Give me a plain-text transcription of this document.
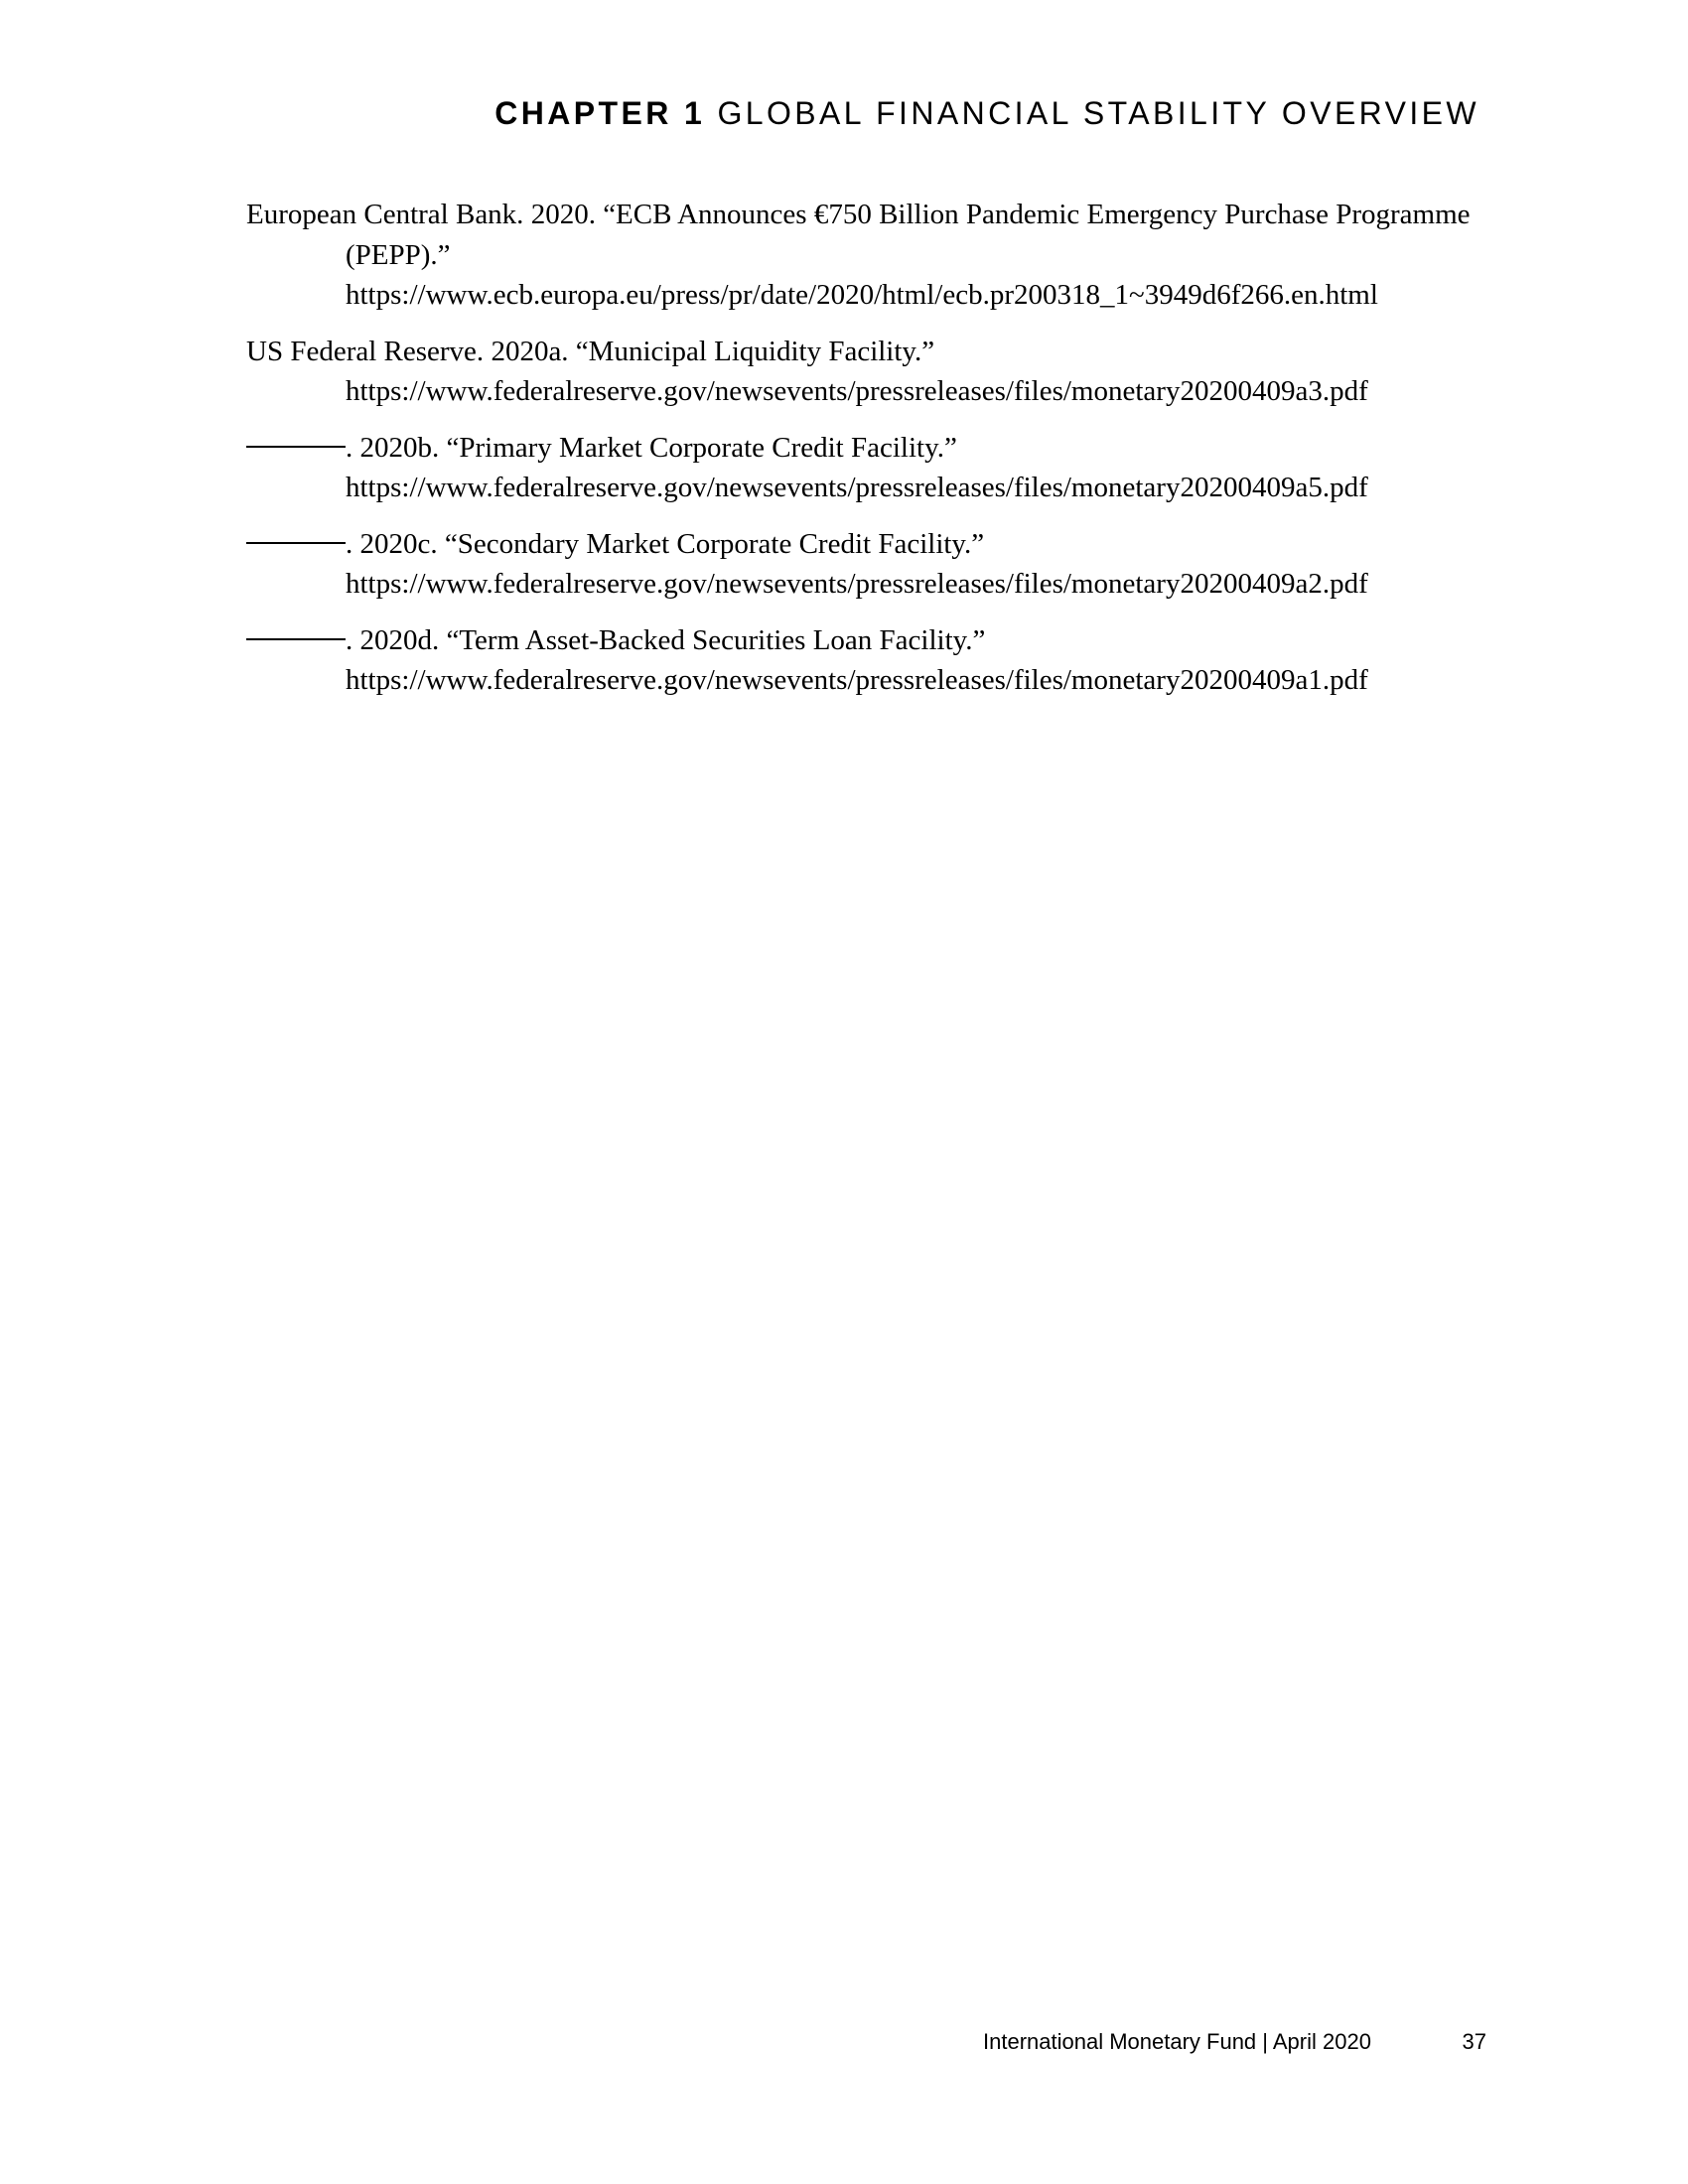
CHAPTER 1 GLOBAL FINANCIAL STABILITY OVERVIEW
European Central Bank. 2020. “ECB Announces €750 Billion Pandemic Emergency Purchase Programme (PEPP).”
https://www.ecb.europa.eu/press/pr/date/2020/html/ecb.pr200318_1~3949d6f266.en.html
US Federal Reserve. 2020a. “Municipal Liquidity Facility.”
https://www.federalreserve.gov/newsevents/pressreleases/files/monetary20200409a3.pdf
. 2020b. “Primary Market Corporate Credit Facility.”
https://www.federalreserve.gov/newsevents/pressreleases/files/monetary20200409a5.pdf
. 2020c. “Secondary Market Corporate Credit Facility.”
https://www.federalreserve.gov/newsevents/pressreleases/files/monetary20200409a2.pdf
. 2020d. “Term Asset-Backed Securities Loan Facility.”
https://www.federalreserve.gov/newsevents/pressreleases/files/monetary20200409a1.pdf
International Monetary Fund | April 2020	37
